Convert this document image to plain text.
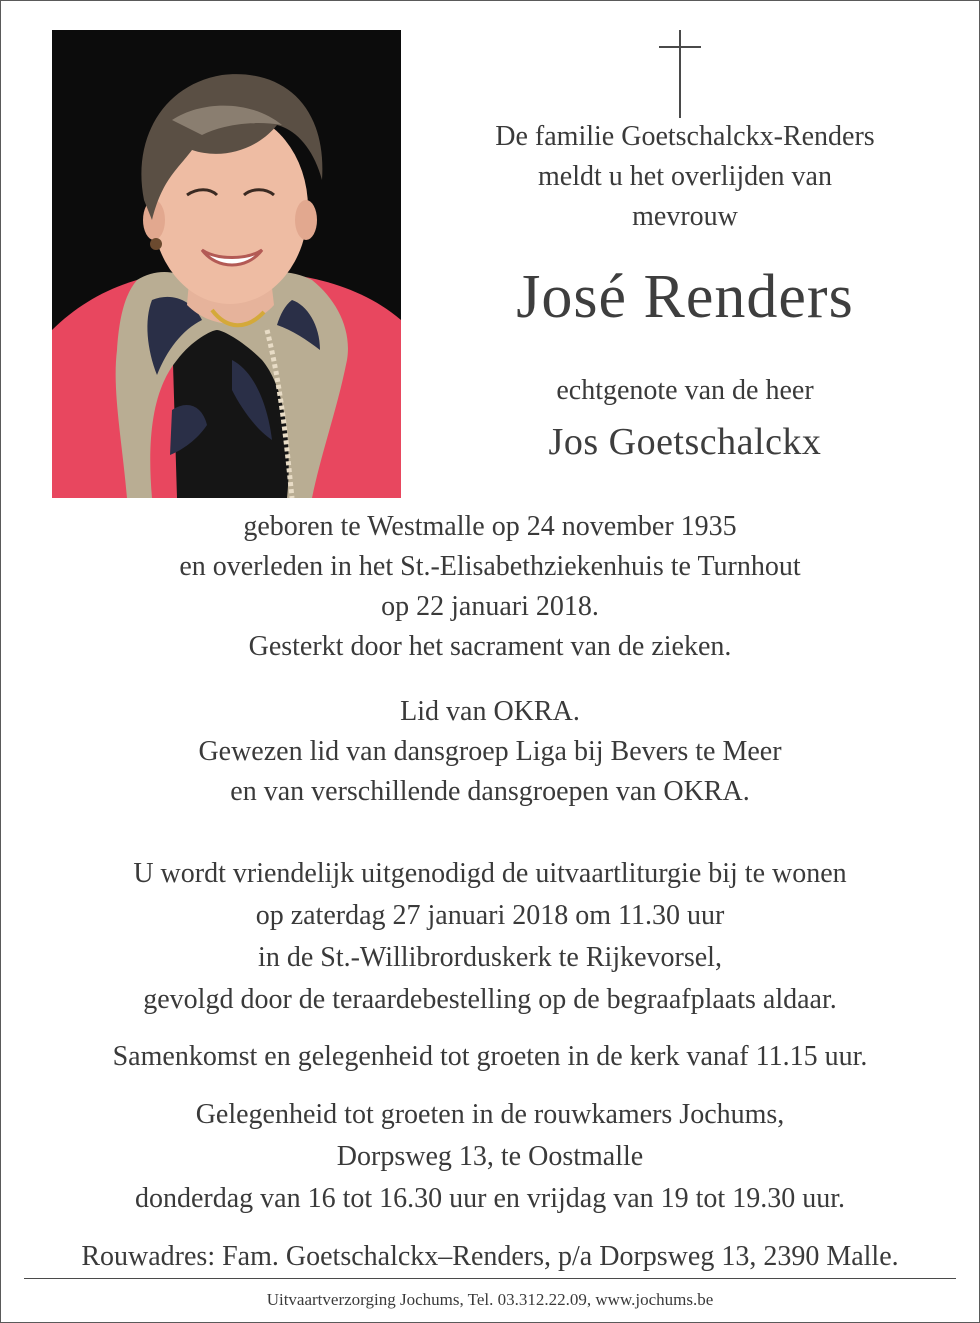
De familie Goetschalckx-Renders
meldt u het overlijden van
mevrouw
José Renders
echtgenote van de heer
Jos Goetschalckx
geboren te Westmalle op 24 november 1935
en overleden in het St.-Elisabethziekenhuis te Turnhout
op 22 januari 2018.
Gesterkt door het sacrament van de zieken.
Lid van OKRA.
Gewezen lid van dansgroep Liga bij Bevers te Meer
en van verschillende dansgroepen van OKRA.
U wordt vriendelijk uitgenodigd de uitvaartliturgie bij te wonen
op zaterdag 27 januari 2018 om 11.30 uur
in de St.-Willibrorduskerk te Rijkevorsel,
gevolgd door de teraardebestelling op de begraafplaats aldaar.
Samenkomst en gelegenheid tot groeten in de kerk vanaf 11.15 uur.
Gelegenheid tot groeten in de rouwkamers Jochums,
Dorpsweg 13, te Oostmalle
donderdag van 16 tot 16.30 uur en vrijdag van 19 tot 19.30 uur.
Rouwadres: Fam. Goetschalckx–Renders, p/a Dorpsweg 13, 2390 Malle.
Uitvaartverzorging Jochums, Tel. 03.312.22.09, www.jochums.be
